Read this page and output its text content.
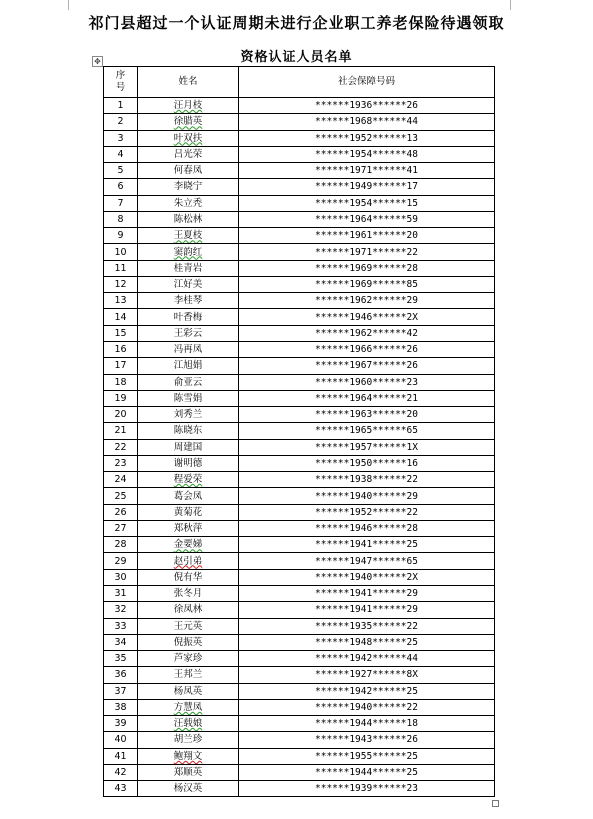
祁门县超过一个认证周期未进行企业职工养老保险待遇领取
资格认证人员名单
✥
序
号	姓名	社会保障号码
1	汪月枝	******1936******26
2	徐腊英	******1968******44
3	叶双扶	******1952******13
4	吕光荣	******1954******48
5	何春凤	******1971******41
6	李晓宁	******1949******17
7	朱立秃	******1954******15
8	陈松林	******1964******59
9	王夏枝	******1961******20
10	窦韵红	******1971******22
11	桂青岩	******1969******28
12	江好美	******1969******85
13	李桂琴	******1962******29
14	叶香梅	******1946******2X
15	王彩云	******1962******42
16	冯再凤	******1966******26
17	江旭娟	******1967******26
18	俞亚云	******1960******23
19	陈雪娟	******1964******21
20	刘秀兰	******1963******20
21	陈晓东	******1965******65
22	周建国	******1957******1X
23	谢明德	******1950******16
24	程爱荣	******1938******22
25	葛会凤	******1940******29
26	黄菊花	******1952******22
27	郑秋萍	******1946******28
28	金要娣	******1941******25
29	赵引弟	******1947******65
30	倪有华	******1940******2X
31	张冬月	******1941******29
32	徐凤林	******1941******29
33	王元英	******1935******22
34	倪振英	******1948******25
35	芦家珍	******1942******44
36	王邦兰	******1927******8X
37	杨凤英	******1942******25
38	方慧凤	******1940******22
39	汪载娘	******1944******18
40	胡兰珍	******1943******26
41	鲍翔文	******1955******25
42	郑顺英	******1944******25
43	杨汉英	******1939******23
